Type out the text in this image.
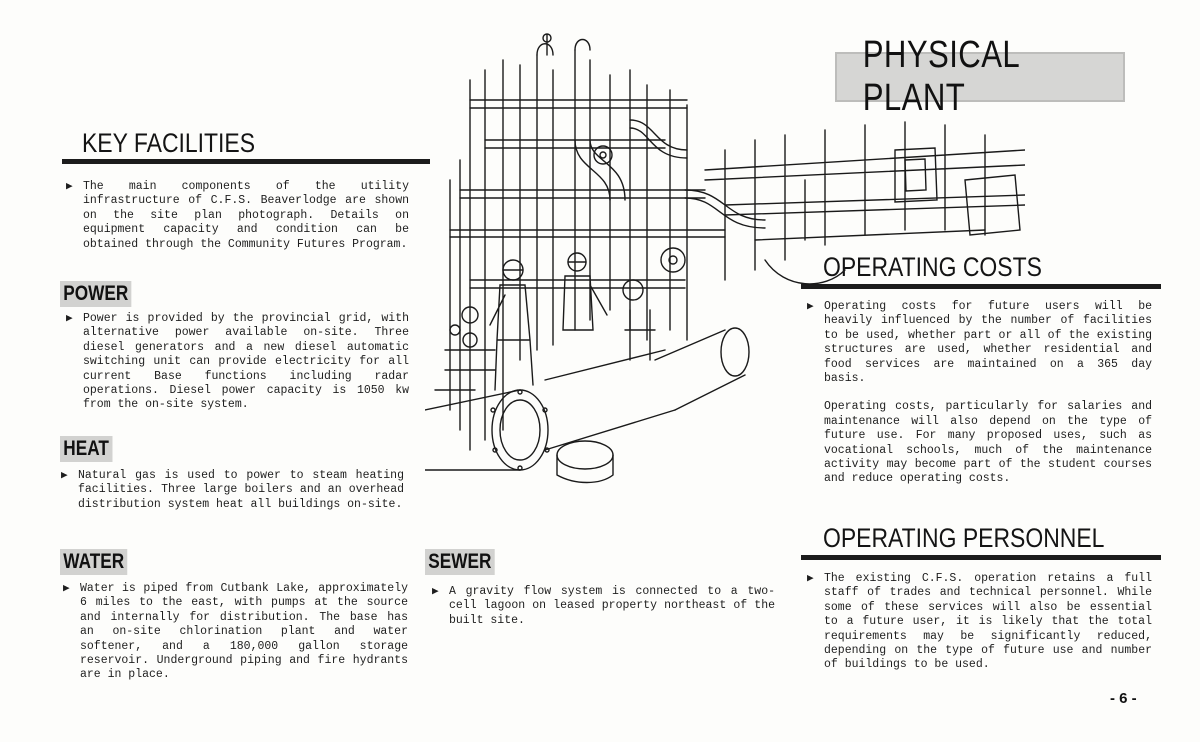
PHYSICAL PLANT
KEY FACILITIES
▶ The main components of the utility infrastructure of C.F.S. Beaverlodge are shown on the site plan photograph. Details on equipment capacity and condition can be obtained through the Community Futures Program.

POWER
▶ Power is provided by the provincial grid, with alternative power available on-site. Three diesel generators and a new diesel automatic switching unit can provide electricity for all current Base functions including radar operations. Diesel power capacity is 1050 kw from the on-site system.

HEAT
▶ Natural gas is used to power to steam heating facilities. Three large boilers and an overhead distribution system heat all buildings on-site.

WATER
▶ Water is piped from Cutbank Lake, approximately 6 miles to the east, with pumps at the source and internally for distribution. The base has an on-site chlorination plant and water softener, and a 180,000 gallon storage reservoir. Underground piping and fire hydrants are in place.

SEWER
▶ A gravity flow system is connected to a two-cell lagoon on leased property northeast of the built site.

OPERATING COSTS
▶ Operating costs for future users will be heavily influenced by the number of facilities to be used, whether part or all of the existing structures are used, whether residential and food services are maintained on a 365 day basis.

Operating costs, particularly for salaries and maintenance will also depend on the type of future use. For many proposed uses, such as vocational schools, much of the maintenance activity may become part of the student courses and reduce operating costs.

OPERATING PERSONNEL
▶ The existing C.F.S. operation retains a full staff of trades and technical personnel. While some of these services will also be essential to a future user, it is likely that the total requirements may be significantly reduced, depending on the type of future use and number of buildings to be used.

- 6 -
